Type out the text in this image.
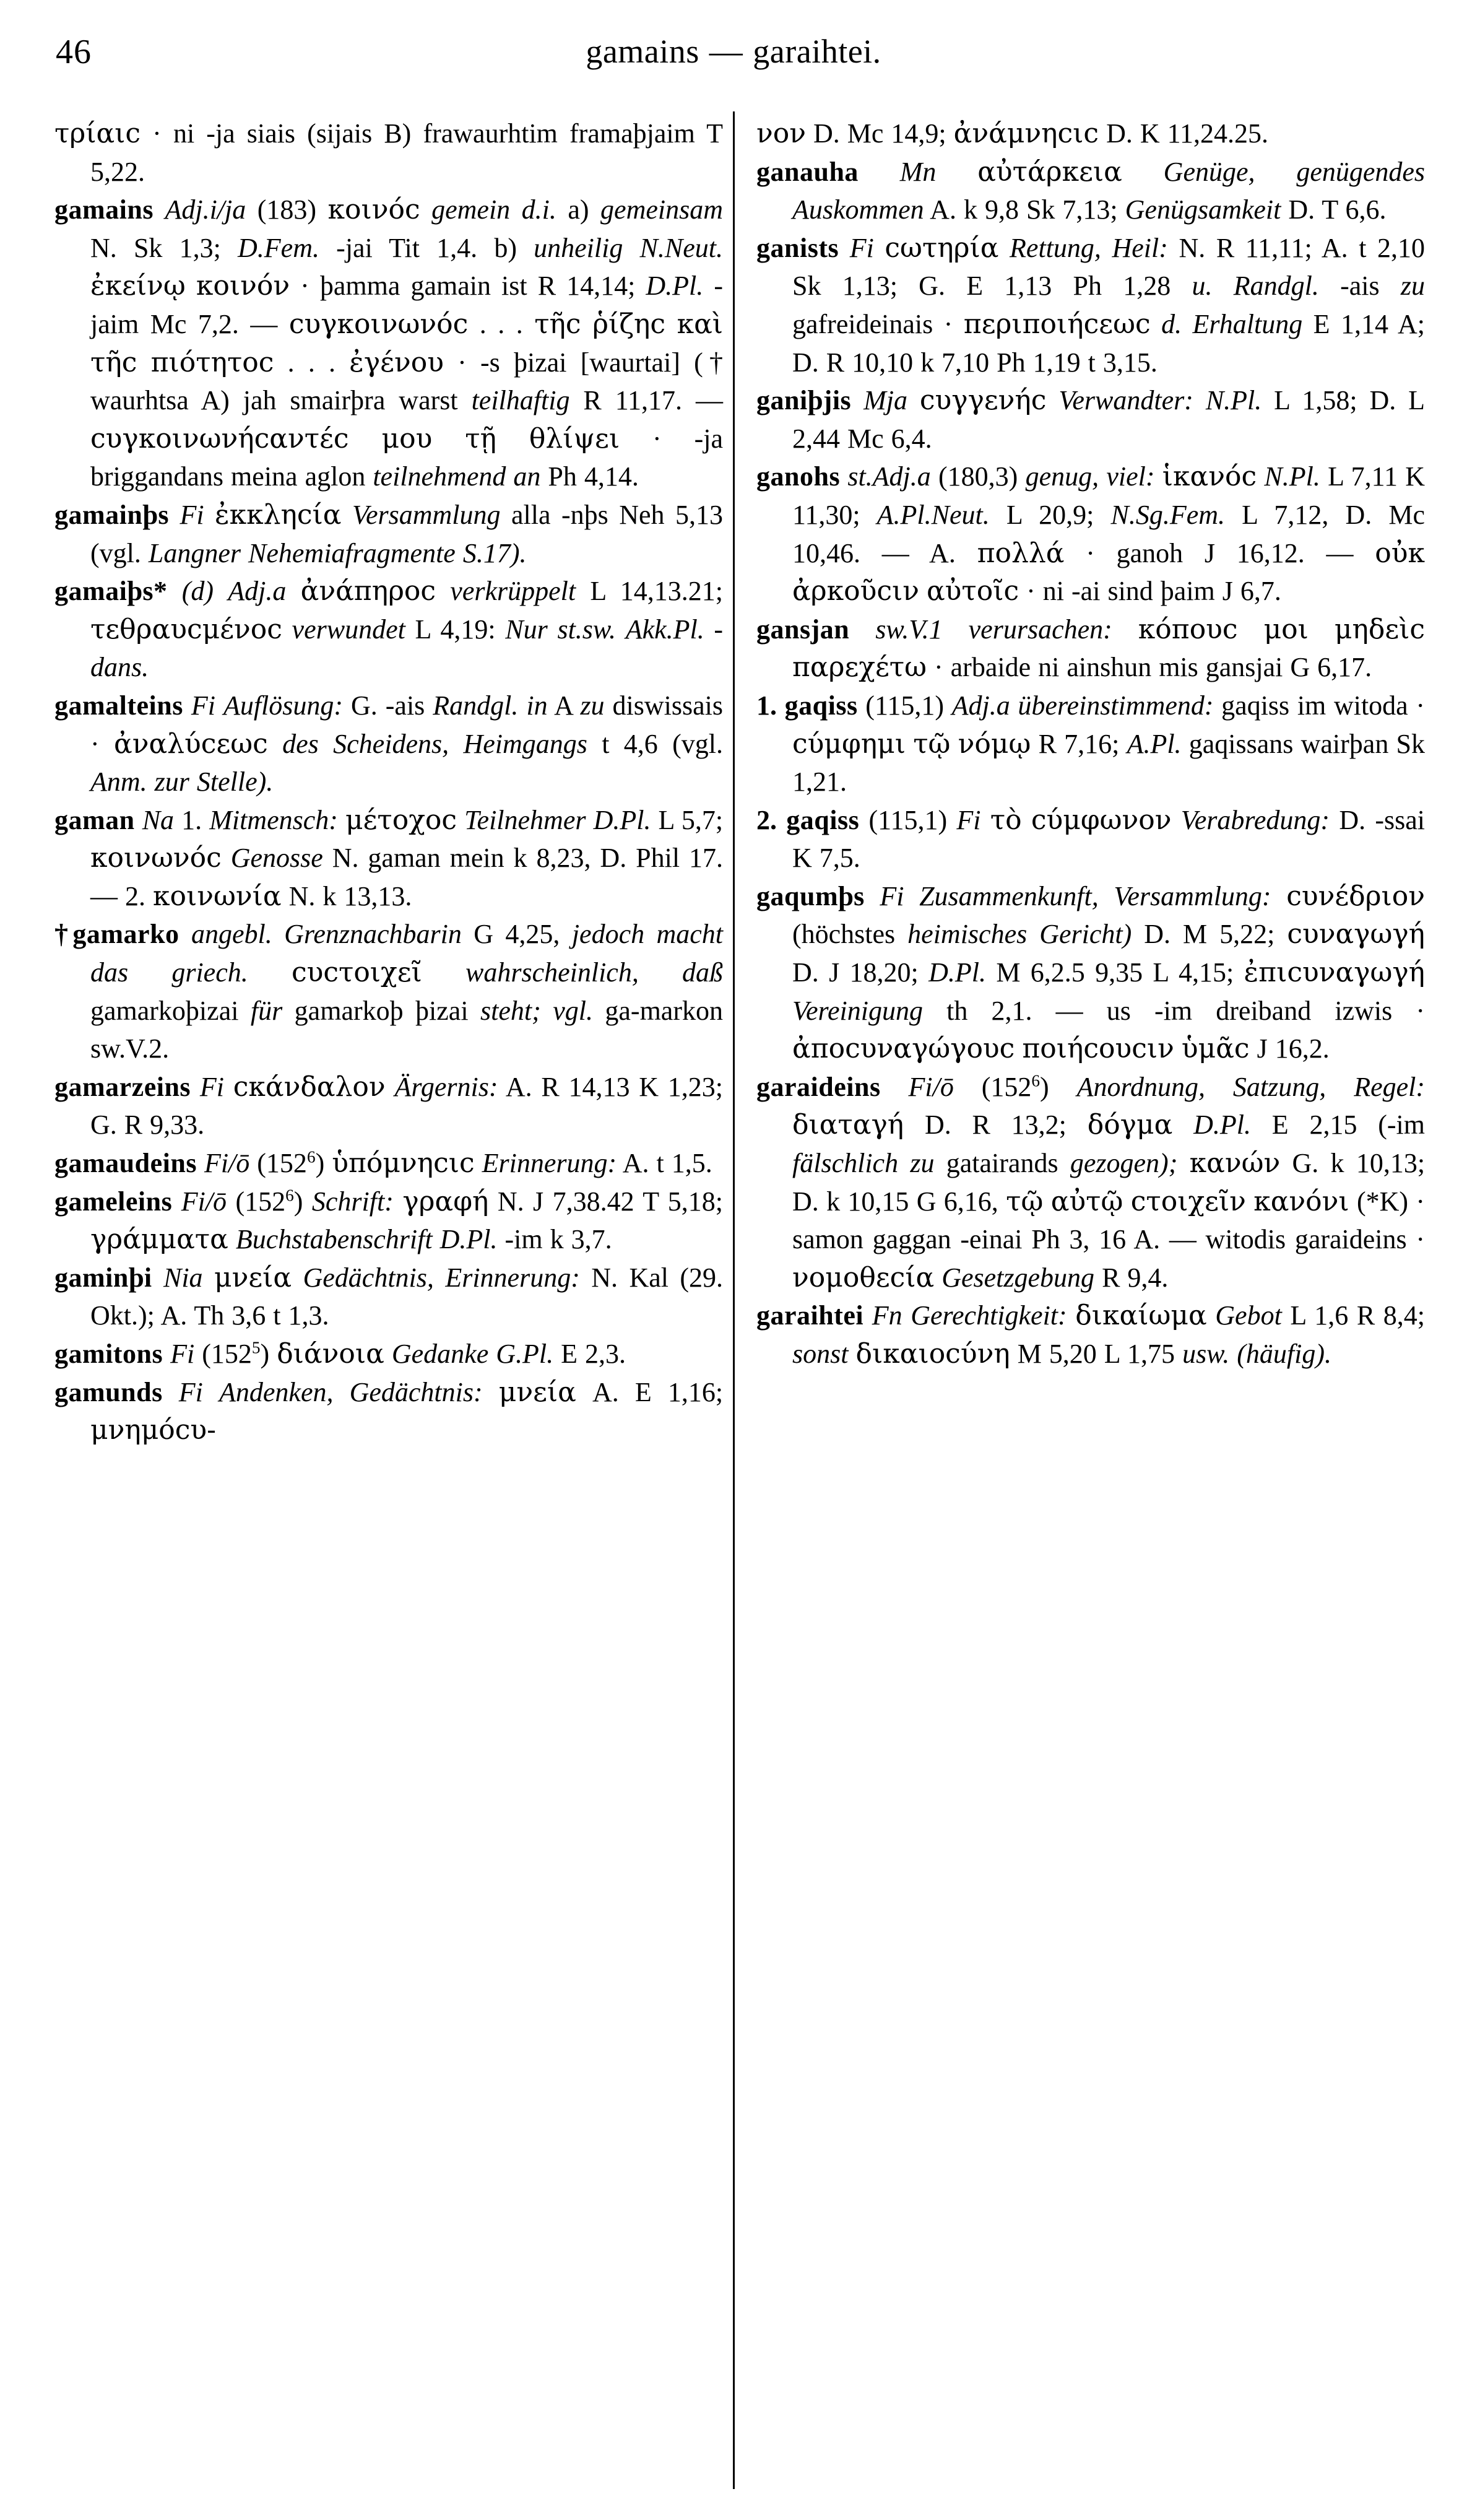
46	gamains — garaihtei.

τρίαιc · ni -ja siais (sijais B) frawaurhtim framaþjaim T 5,22.

gamains Adj.i/ja (183) κοινόc gemein d.i. a) gemeinsam N. Sk 1,3; D.Fem. -jai Tit 1,4. b) unheilig N.Neut. ἐκείνῳ κοινόν · þamma gamain ist R 14,14; D.Pl. -jaim Mc 7,2. — cυγκοινωνόc . . . τῆc ῥίζηc καὶ τῆc πιότητοc . . . ἐγένου · -s þizai [waurtai] († waurhtsa A) jah smairþra warst teilhaftig R 11,17. — cυγκοινωνήcαντέc μου τῇ θλίψει · -ja briggandans meina aglon teilnehmend an Ph 4,14.

gamainþs Fi ἐκκληcία Versammlung alla -nþs Neh 5,13 (vgl. Langner Nehemiafragmente S.17).

gamaiþs* (d) Adj.a ἀνάπηροc verkrüppelt L 14,13.21; τεθραυcμένοc verwundet L 4,19: Nur st.sw. Akk.Pl. -dans.

gamalteins Fi Auflösung: G. -ais Randgl. in A zu diswissais · ἀναλύcεωc des Scheidens, Heimgangs t 4,6 (vgl. Anm. zur Stelle).

gaman Na 1. Mitmensch: μέτοχοc Teilnehmer D.Pl. L 5,7; κοινωνόc Genosse N. gaman mein k 8,23, D. Phil 17. — 2. κοινωνία N. k 13,13.

†gamarko angebl. Grenznachbarin G 4,25, jedoch macht das griech. cυcτοιχεῖ wahrscheinlich, daß gamarkoþizai für gamarkoþ þizai steht; vgl. ga-markon sw.V.2.

gamarzeins Fi cκάνδαλον Ärgernis: A. R 14,13 K 1,23; G. R 9,33.

gamaudeins Fi/ō $(152^6)$ ὑπόμνηcιc Erinnerung: A. t 1,5.

gameleins Fi/ō $(152^6)$ Schrift: γραφή N. J 7,38.42 T 5,18; γράμματα Buchstabenschrift D.Pl. -im k 3,7.

gaminþi Nia μνεία Gedächtnis, Erinnerung: N. Kal (29. Okt.); A. Th 3,6 t 1,3.

gamitons Fi $(152^5)$ διάνοια Gedanke G.Pl. E 2,3.

gamunds Fi Andenken, Gedächtnis: μνεία A. E 1,16; μνημόcυ-

νον D. Mc 14,9; ἀνάμνηcιc D. K 11,24.25.

ganauha Mn αὐτάρκεια Genüge, genügendes Auskommen A. k 9,8 Sk 7,13; Genügsamkeit D. T 6,6.

ganists Fi cωτηρία Rettung, Heil: N. R 11,11; A. t 2,10 Sk 1,13; G. E 1,13 Ph 1,28 u. Randgl. -ais zu gafreideinais · περιποιήcεωc d. Erhaltung E 1,14 A; D. R 10,10 k 7,10 Ph 1,19 t 3,15.

ganiþjis Mja cυγγενήc Verwandter: N.Pl. L 1,58; D. L 2,44 Mc 6,4.

ganohs st.Adj.a (180,3) genug, viel: ἱκανόc N.Pl. L 7,11 K 11,30; A.Pl.Neut. L 20,9; N.Sg.Fem. L 7,12, D. Mc 10,46. — A. πολλά · ganoh J 16,12. — οὐκ ἀρκοῦcιν αὐτοῖc · ni -ai sind þaim J 6,7.

gansjan sw.V.1 verursachen: κόπουc μοι μηδεὶc παρεχέτω · arbaide ni ainshun mis gansjai G 6,17.

1. gaqiss (115,1) Adj.a übereinstimmend: gaqiss im witoda · cύμφημι τῷ νόμῳ R 7,16; A.Pl. gaqissans wairþan Sk 1,21.

2. gaqiss (115,1) Fi τὸ cύμφωνον Verabredung: D. -ssai K 7,5.

gaqumþs Fi Zusammenkunft, Versammlung: cυνέδριον (höchstes heimisches Gericht) D. M 5,22; cυναγωγή D. J 18,20; D.Pl. M 6,2.5 9,35 L 4,15; ἐπιcυναγωγή Vereinigung th 2,1. — us -im dreiband izwis · ἀποcυναγώγουc ποιήcουcιν ὑμᾶc J 16,2.

garaideins Fi/ō $(152^6)$ Anordnung, Satzung, Regel: διαταγή D. R 13,2; δόγμα D.Pl. E 2,15 (-im fälschlich zu gatairands gezogen); κανών G. k 10,13; D. k 10,15 G 6,16, τῷ αὐτῷ cτοιχεῖν κανόνι (*K) · samon gaggan -einai Ph 3, 16 A. — witodis garaideins · νομοθεcία Gesetzgebung R 9,4.

garaihtei Fn Gerechtigkeit: δικαίωμα Gebot L 1,6 R 8,4; sonst δικαιοcύνη M 5,20 L 1,75 usw. (häufig).
